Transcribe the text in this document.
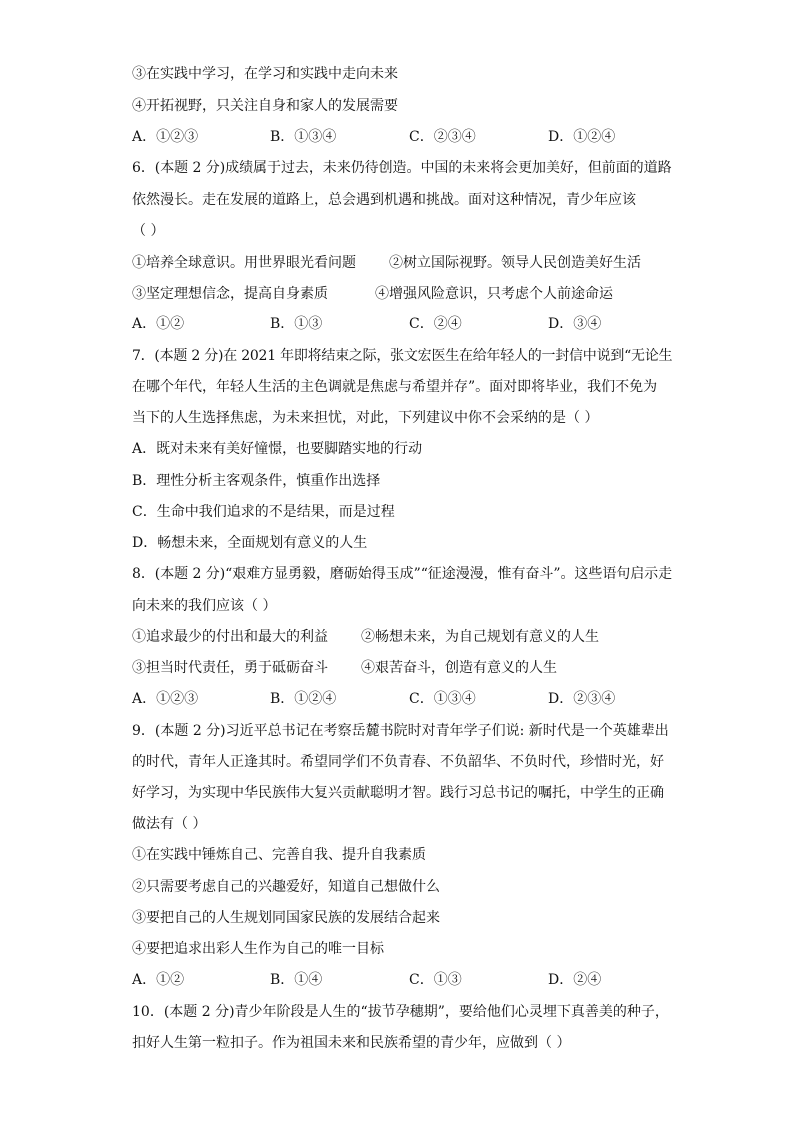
③在实践中学习，在学习和实践中走向未来
④开拓视野，只关注自身和家人的发展需要
A．①②③	B．①③④	C．②③④	D．①②④
6．(本题 2 分)成绩属于过去，未来仍待创造。中国的未来将会更加美好，但前面的道路
依然漫长。走在发展的道路上，总会遇到机遇和挑战。面对这种情况，青少年应该
（ ）
①培养全球意识。用世界眼光看问题 ②树立国际视野。领导人民创造美好生活
③坚定理想信念，提高自身素质	④增强风险意识，只考虑个人前途命运
A．①②	B．①③	C．②④	D．③④
7．(本题 2 分)在 2021 年即将结束之际，张文宏医生在给年轻人的一封信中说到“无论生
在哪个年代，年轻人生活的主色调就是焦虑与希望并存”。面对即将毕业，我们不免为
当下的人生选择焦虑，为未来担忧，对此，下列建议中你不会采纳的是（ ）
A．既对未来有美好憧憬，也要脚踏实地的行动
B．理性分析主客观条件，慎重作出选择
C．生命中我们追求的不是结果，而是过程
D．畅想未来，全面规划有意义的人生
8．(本题 2 分)“艰难方显勇毅，磨砺始得玉成”“征途漫漫，惟有奋斗”。这些语句启示走
向未来的我们应该（ ）
①追求最少的付出和最大的利益 ②畅想未来，为自己规划有意义的人生
③担当时代责任，勇于砥砺奋斗 ④艰苦奋斗，创造有意义的人生
A．①②③	B．①②④	C．①③④	D．②③④
9．(本题 2 分)习近平总书记在考察岳麓书院时对青年学子们说: 新时代是一个英雄辈出
的时代，青年人正逢其时。希望同学们不负青春、不负韶华、不负时代，珍惜时光，好
好学习，为实现中华民族伟大复兴贡献聪明才智。践行习总书记的嘱托，中学生的正确
做法有（ ）
①在实践中锤炼自己、完善自我、提升自我素质
②只需要考虑自己的兴趣爱好，知道自己想做什么
③要把自己的人生规划同国家民族的发展结合起来
④要把追求出彩人生作为自己的唯一目标
A．①②	B．①④	C．①③	D．②④
10．(本题 2 分)青少年阶段是人生的“拔节孕穗期”，要给他们心灵埋下真善美的种子，
扣好人生第一粒扣子。作为祖国未来和民族希望的青少年，应做到（ ）
